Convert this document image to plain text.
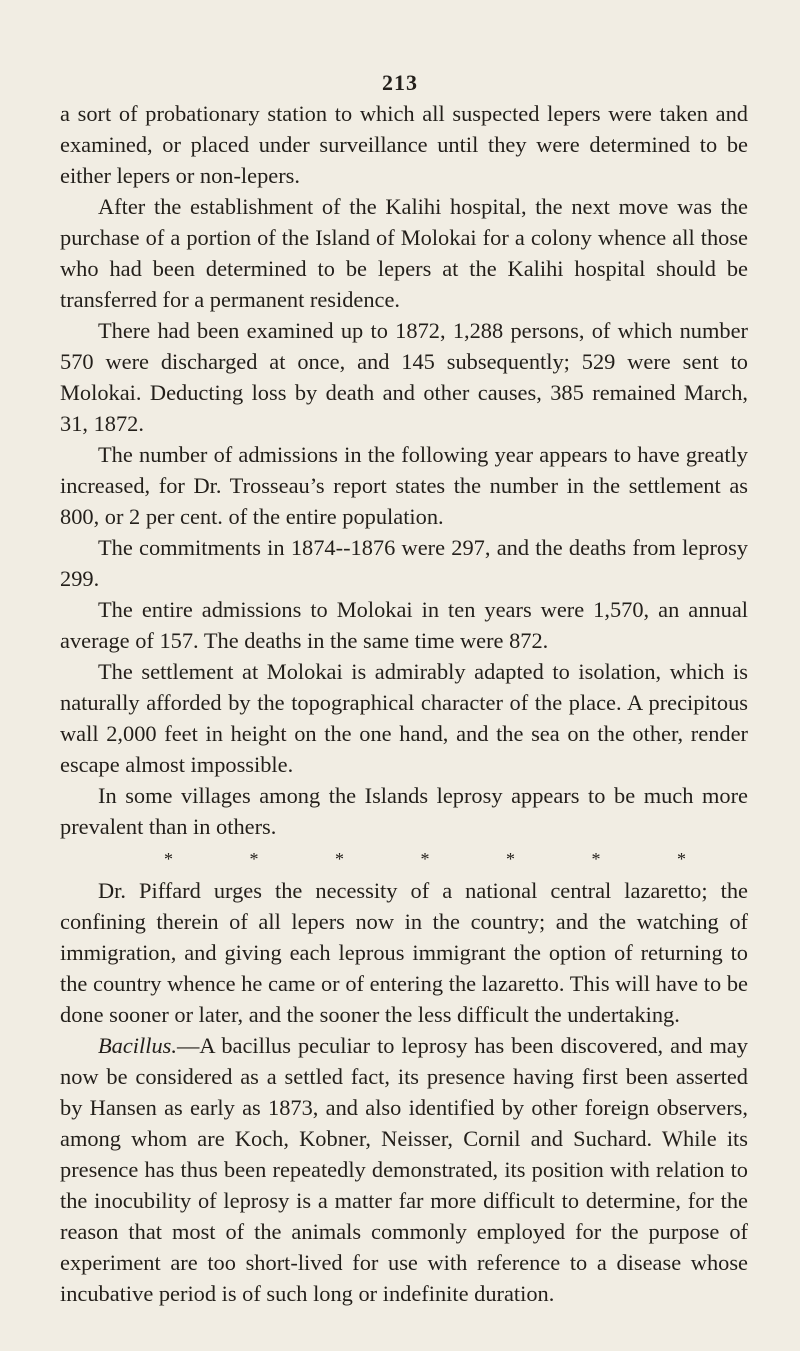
213

a sort of probationary station to which all suspected lepers were taken and examined, or placed under surveillance until they were determined to be either lepers or non-lepers.

After the establishment of the Kalihi hospital, the next move was the purchase of a portion of the Island of Molokai for a colony whence all those who had been determined to be lepers at the Kalihi hospital should be transferred for a permanent residence.

There had been examined up to 1872, 1,288 persons, of which number 570 were discharged at once, and 145 subsequently; 529 were sent to Molokai. Deducting loss by death and other causes, 385 remained March, 31, 1872.

The number of admissions in the following year appears to have greatly increased, for Dr. Trosseau’s report states the number in the settlement as 800, or 2 per cent. of the entire population.

The commitments in 1874--1876 were 297, and the deaths from leprosy 299.

The entire admissions to Molokai in ten years were 1,570, an annual average of 157. The deaths in the same time were 872.

The settlement at Molokai is admirably adapted to isolation, which is naturally afforded by the topographical character of the place. A precipitous wall 2,000 feet in height on the one hand, and the sea on the other, render escape almost impossible.

In some villages among the Islands leprosy appears to be much more prevalent than in others.

*	*	*	*	*	*	*

Dr. Piffard urges the necessity of a national central lazaretto; the confining therein of all lepers now in the country; and the watching of immigration, and giving each leprous immigrant the option of returning to the country whence he came or of entering the lazaretto. This will have to be done sooner or later, and the sooner the less difficult the undertaking.

Bacillus.—A bacillus peculiar to leprosy has been discovered, and may now be considered as a settled fact, its presence having first been asserted by Hansen as early as 1873, and also identified by other foreign observers, among whom are Koch, Kobner, Neisser, Cornil and Suchard. While its presence has thus been repeatedly demonstrated, its position with relation to the inocubility of leprosy is a matter far more difficult to determine, for the reason that most of the animals commonly employed for the purpose of experiment are too short-lived for use with reference to a disease whose incubative period is of such long or indefinite duration.
